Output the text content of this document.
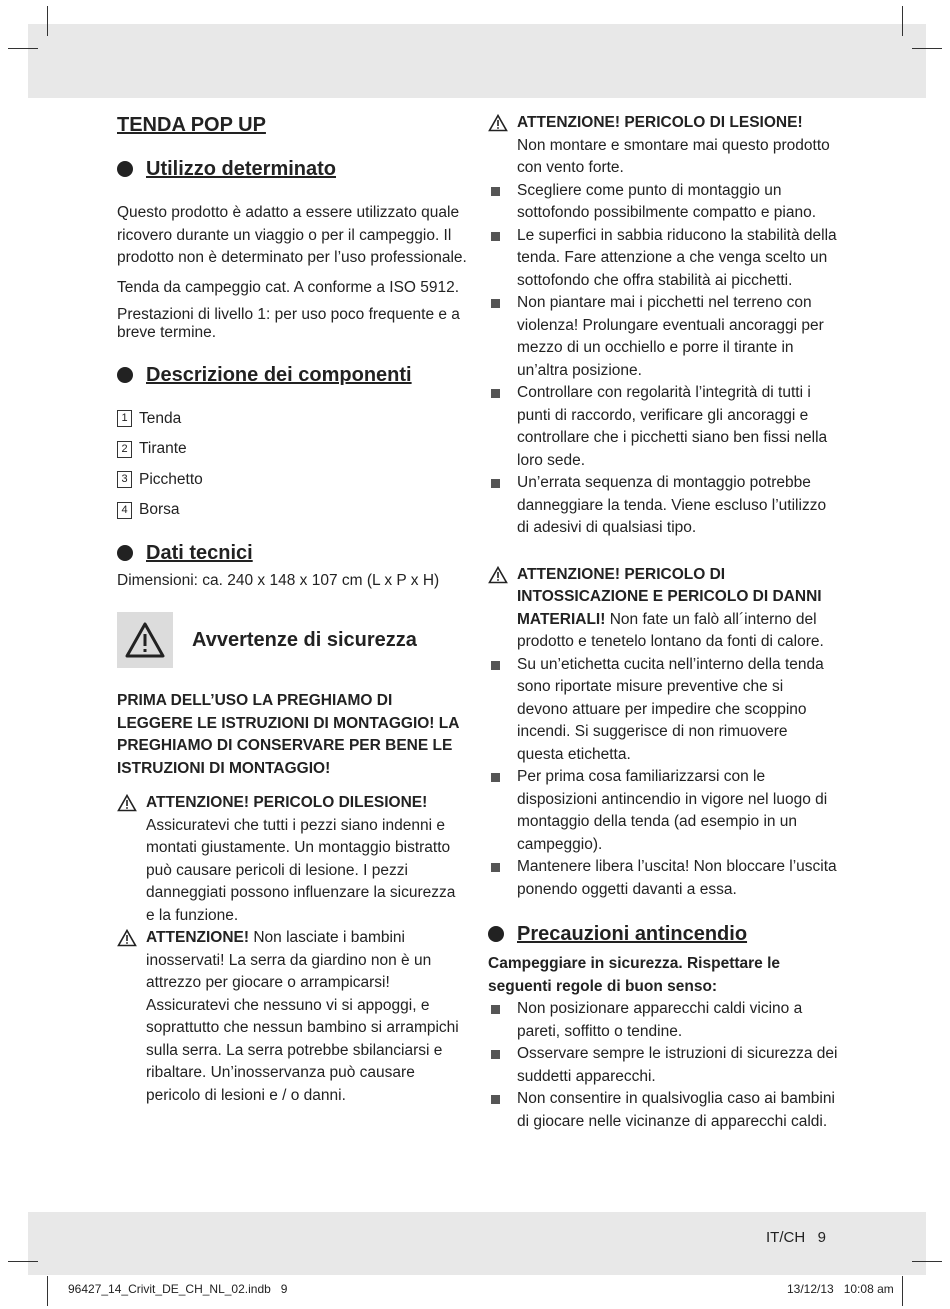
TENDA POP UP
Utilizzo determinato

Questo prodotto è adatto a essere utilizzato quale ricovero durante un viaggio o per il campeggio. Il prodotto non è determinato per l’uso professionale.

Tenda da campeggio cat. A conforme a ISO 5912.

Prestazioni di livello 1: per uso poco frequente e a breve termine.

Descrizione dei componenti
1 Tenda
2 Tirante
3 Picchetto
4 Borsa
Dati tecnici

Dimensioni: ca. 240 x 148 x 107 cm (L x P x H)

Avvertenze di sicurezza
PRIMA DELL’USO LA PREGHIAMO DI LEGGERE LE ISTRUZIONI DI MONTAGGIO! LA PREGHIAMO DI CONSERVARE PER BENE LE ISTRUZIONI DI MONTAGGIO!
ATTENZIONE! PERICOLO DILESIONE!
Assicuratevi che tutti i pezzi siano indenni e montati giustamente. Un montaggio bistratto può causare pericoli di lesione. I pezzi danneggiati possono influenzare la sicurezza e la funzione.
ATTENZIONE! Non lasciate i bambini inosservati! La serra da giardino non è un attrezzo per giocare o arrampicarsi! Assicuratevi che nessuno vi si appoggi, e soprattutto che nessun bambino si arrampichi sulla serra. La serra potrebbe sbilanciarsi e ribaltare. Un’inosservanza può causare pericolo di lesioni e / o danni.
ATTENZIONE! PERICOLO DI LESIONE!
Non montare e smontare mai questo prodotto con vento forte.
Scegliere come punto di montaggio un sottofondo possibilmente compatto e piano.
Le superfici in sabbia riducono la stabilità della tenda. Fare attenzione a che venga scelto un sottofondo che offra stabilità ai picchetti.
Non piantare mai i picchetti nel terreno con violenza! Prolungare eventuali ancoraggi per mezzo di un occhiello e porre il tirante in un’altra posizione.
Controllare con regolarità l’integrità di tutti i punti di raccordo, verificare gli ancoraggi e controllare che i picchetti siano ben fissi nella loro sede.
Un’errata sequenza di montaggio potrebbe danneggiare la tenda. Viene escluso l’utilizzo di adesivi di qualsiasi tipo.
ATTENZIONE! PERICOLO DI INTOSSICAZIONE E PERICOLO DI DANNI MATERIALI! Non fate un falò all´interno del prodotto e tenetelo lontano da fonti di calore.
Su un’etichetta cucita nell’interno della tenda sono riportate misure preventive che si devono attuare per impedire che scoppino incendi. Si suggerisce di non rimuovere questa etichetta.
Per prima cosa familiarizzarsi con le disposizioni antincendio in vigore nel luogo di montaggio della tenda (ad esempio in un campeggio).
Mantenere libera l’uscita! Non bloccare l’uscita ponendo oggetti davanti a essa.
Precauzioni antincendio
Campeggiare in sicurezza. Rispettare le seguenti regole di buon senso:
Non posizionare apparecchi caldi vicino a pareti, soffitto o tendine.
Osservare sempre le istruzioni di sicurezza dei suddetti apparecchi.
Non consentire in qualsivoglia caso ai bambini di giocare nelle vicinanze di apparecchi caldi.
IT/CH   9
96427_14_Crivit_DE_CH_NL_02.indb   9	13/12/13   10:08 am
